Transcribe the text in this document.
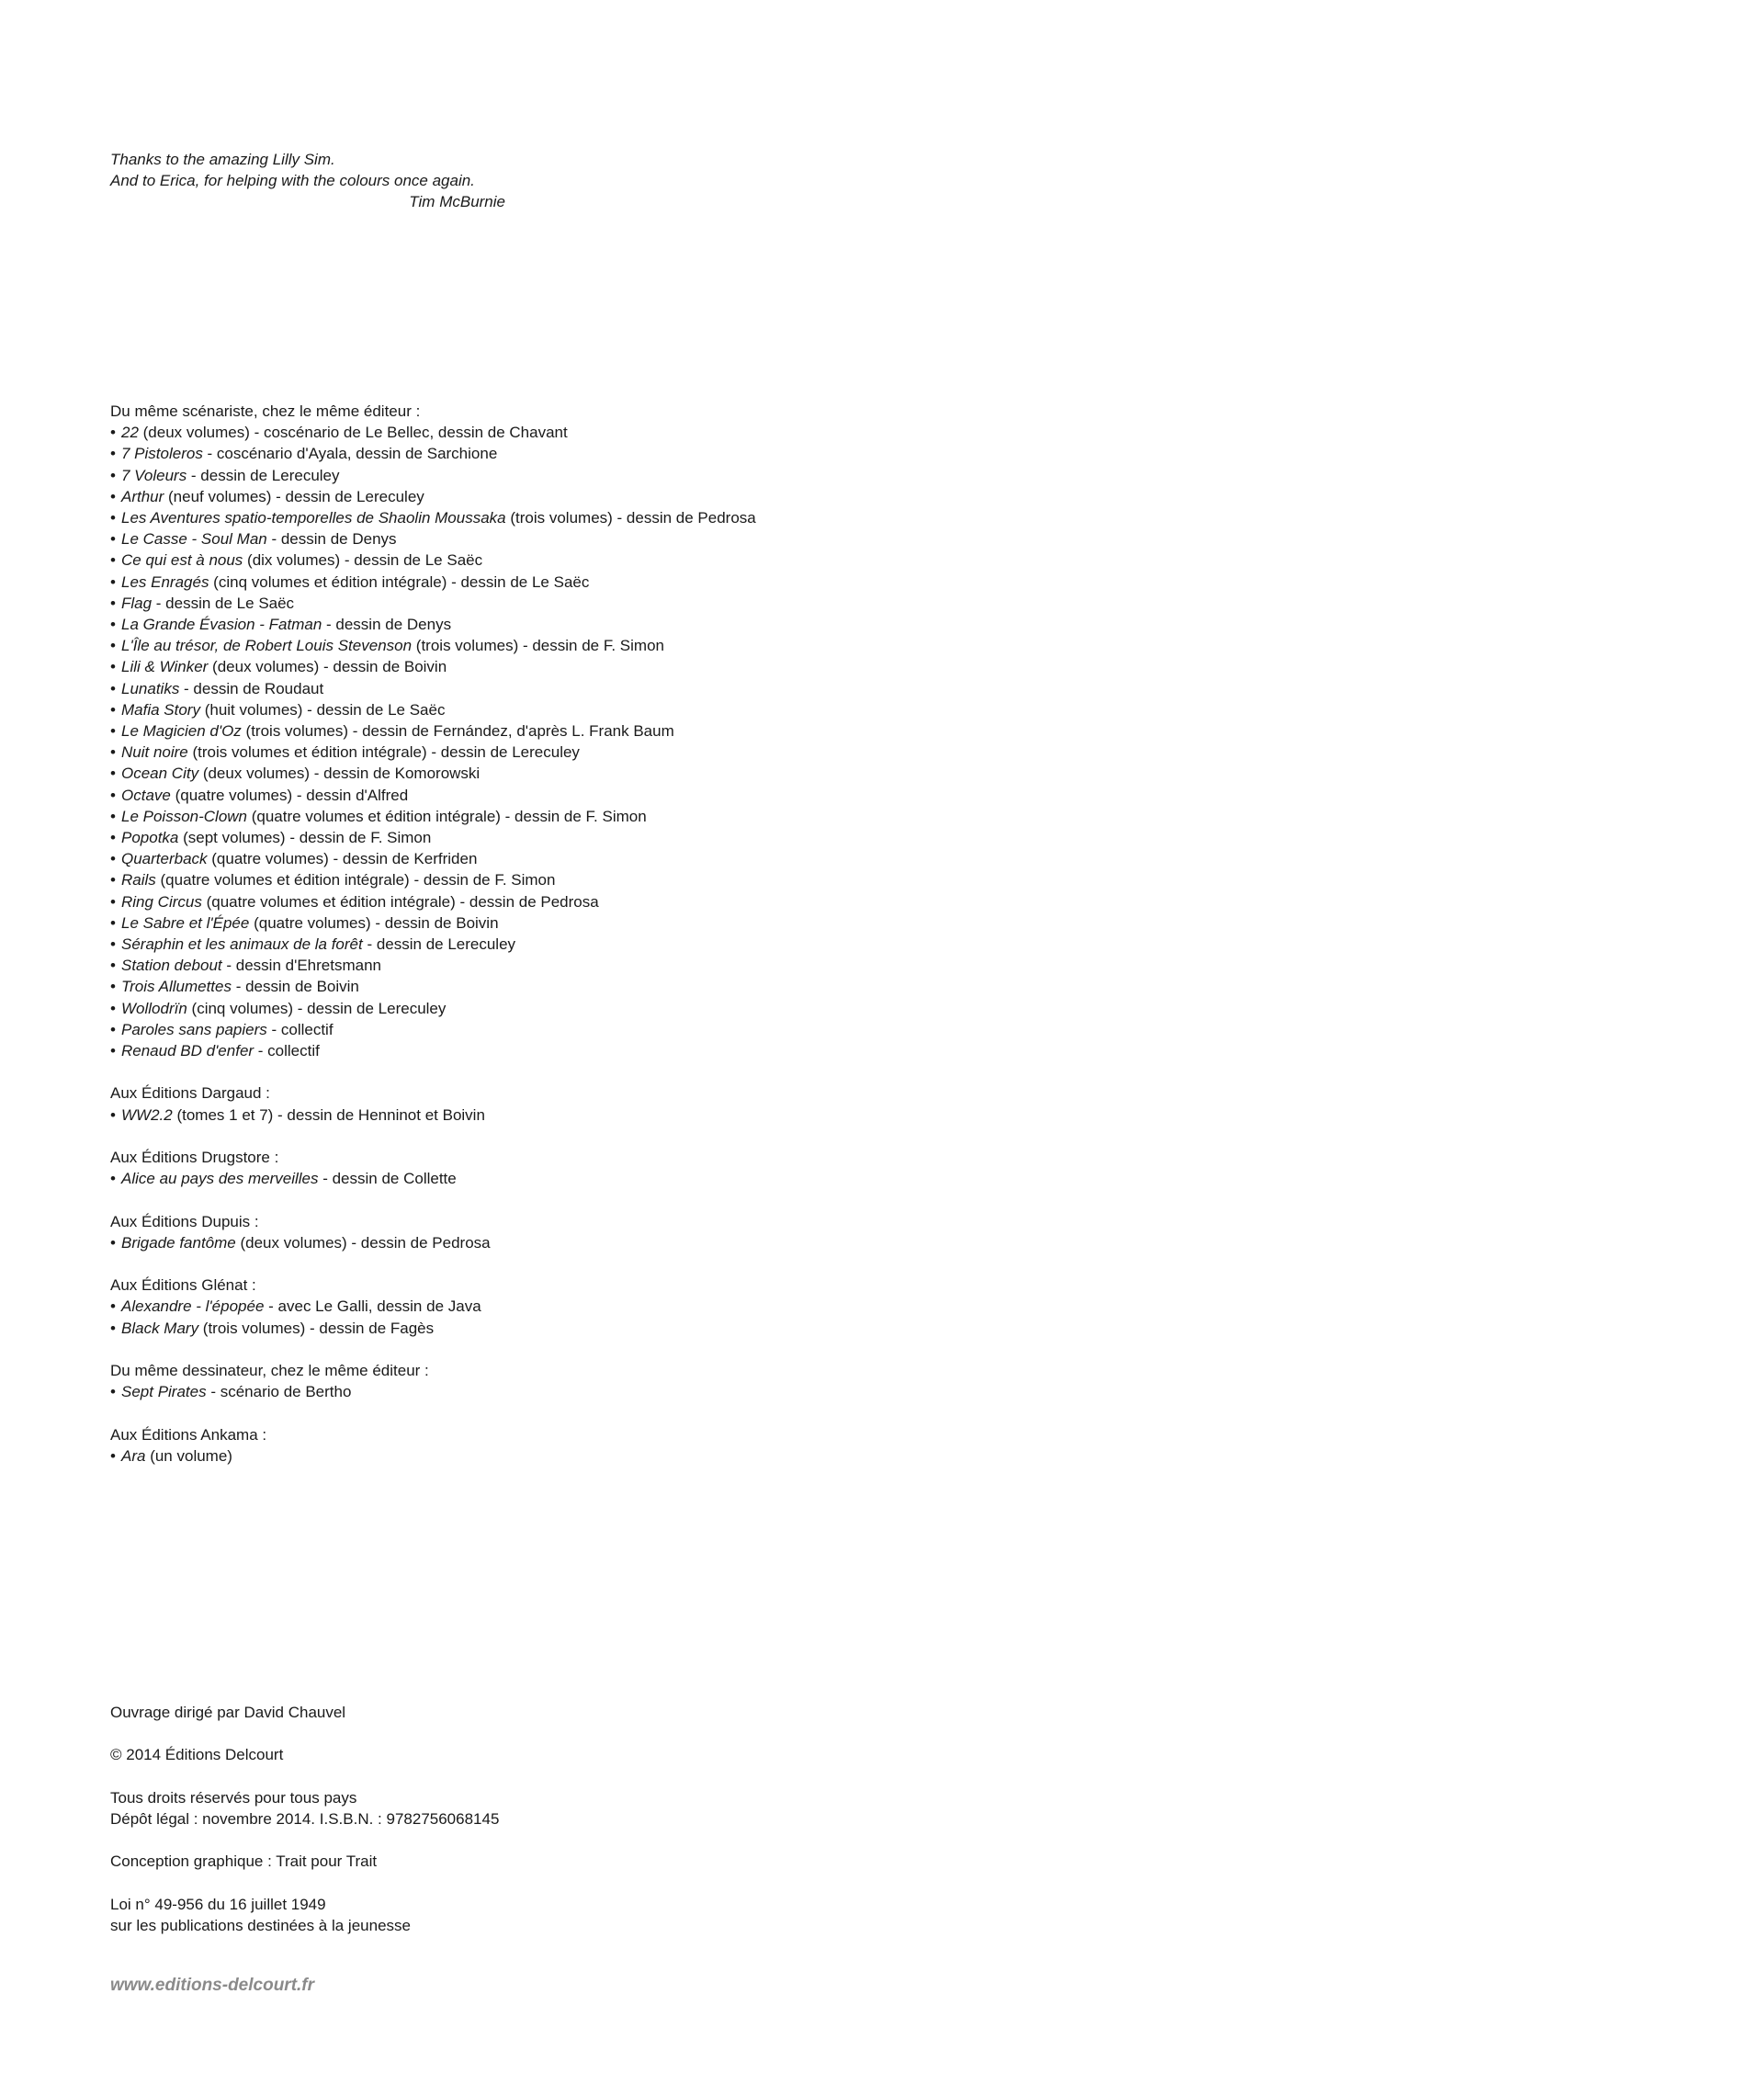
Thanks to the amazing Lilly Sim.
And to Erica, for helping with the colours once again.
Tim McBurnie
Du même scénariste, chez le même éditeur :
• 22 (deux volumes) - coscénario de Le Bellec, dessin de Chavant
• 7 Pistoleros - coscénario d'Ayala, dessin de Sarchione
• 7 Voleurs - dessin de Lereculey
• Arthur (neuf volumes) - dessin de Lereculey
• Les Aventures spatio-temporelles de Shaolin Moussaka (trois volumes) - dessin de Pedrosa
• Le Casse - Soul Man - dessin de Denys
• Ce qui est à nous (dix volumes) - dessin de Le Saëc
• Les Enragés (cinq volumes et édition intégrale) - dessin de Le Saëc
• Flag - dessin de Le Saëc
• La Grande Évasion - Fatman - dessin de Denys
• L'Île au trésor, de Robert Louis Stevenson (trois volumes) - dessin de F. Simon
• Lili & Winker (deux volumes) - dessin de Boivin
• Lunatiks - dessin de Roudaut
• Mafia Story (huit volumes) - dessin de Le Saëc
• Le Magicien d'Oz (trois volumes) - dessin de Fernández, d'après L. Frank Baum
• Nuit noire (trois volumes et édition intégrale) - dessin de Lereculey
• Ocean City (deux volumes) - dessin de Komorowski
• Octave (quatre volumes) - dessin d'Alfred
• Le Poisson-Clown (quatre volumes et édition intégrale) - dessin de F. Simon
• Popotka (sept volumes) - dessin de F. Simon
• Quarterback (quatre volumes) - dessin de Kerfriden
• Rails (quatre volumes et édition intégrale) - dessin de F. Simon
• Ring Circus (quatre volumes et édition intégrale) - dessin de Pedrosa
• Le Sabre et l'Épée (quatre volumes) - dessin de Boivin
• Séraphin et les animaux de la forêt - dessin de Lereculey
• Station debout - dessin d'Ehretsmann
• Trois Allumettes - dessin de Boivin
• Wollodrïn (cinq volumes) - dessin de Lereculey
• Paroles sans papiers - collectif
• Renaud BD d'enfer - collectif
Aux Éditions Dargaud :
• WW2.2 (tomes 1 et 7) - dessin de Henninot et Boivin
Aux Éditions Drugstore :
• Alice au pays des merveilles - dessin de Collette
Aux Éditions Dupuis :
• Brigade fantôme (deux volumes) - dessin de Pedrosa
Aux Éditions Glénat :
• Alexandre - l'épopée - avec Le Galli, dessin de Java
• Black Mary (trois volumes) - dessin de Fagès
Du même dessinateur, chez le même éditeur :
• Sept Pirates - scénario de Bertho
Aux Éditions Ankama :
• Ara (un volume)
Ouvrage dirigé par David Chauvel
© 2014 Éditions Delcourt
Tous droits réservés pour tous pays
Dépôt légal : novembre 2014. I.S.B.N. : 9782756068145
Conception graphique : Trait pour Trait
Loi n° 49-956 du 16 juillet 1949
sur les publications destinées à la jeunesse
www.editions-delcourt.fr
